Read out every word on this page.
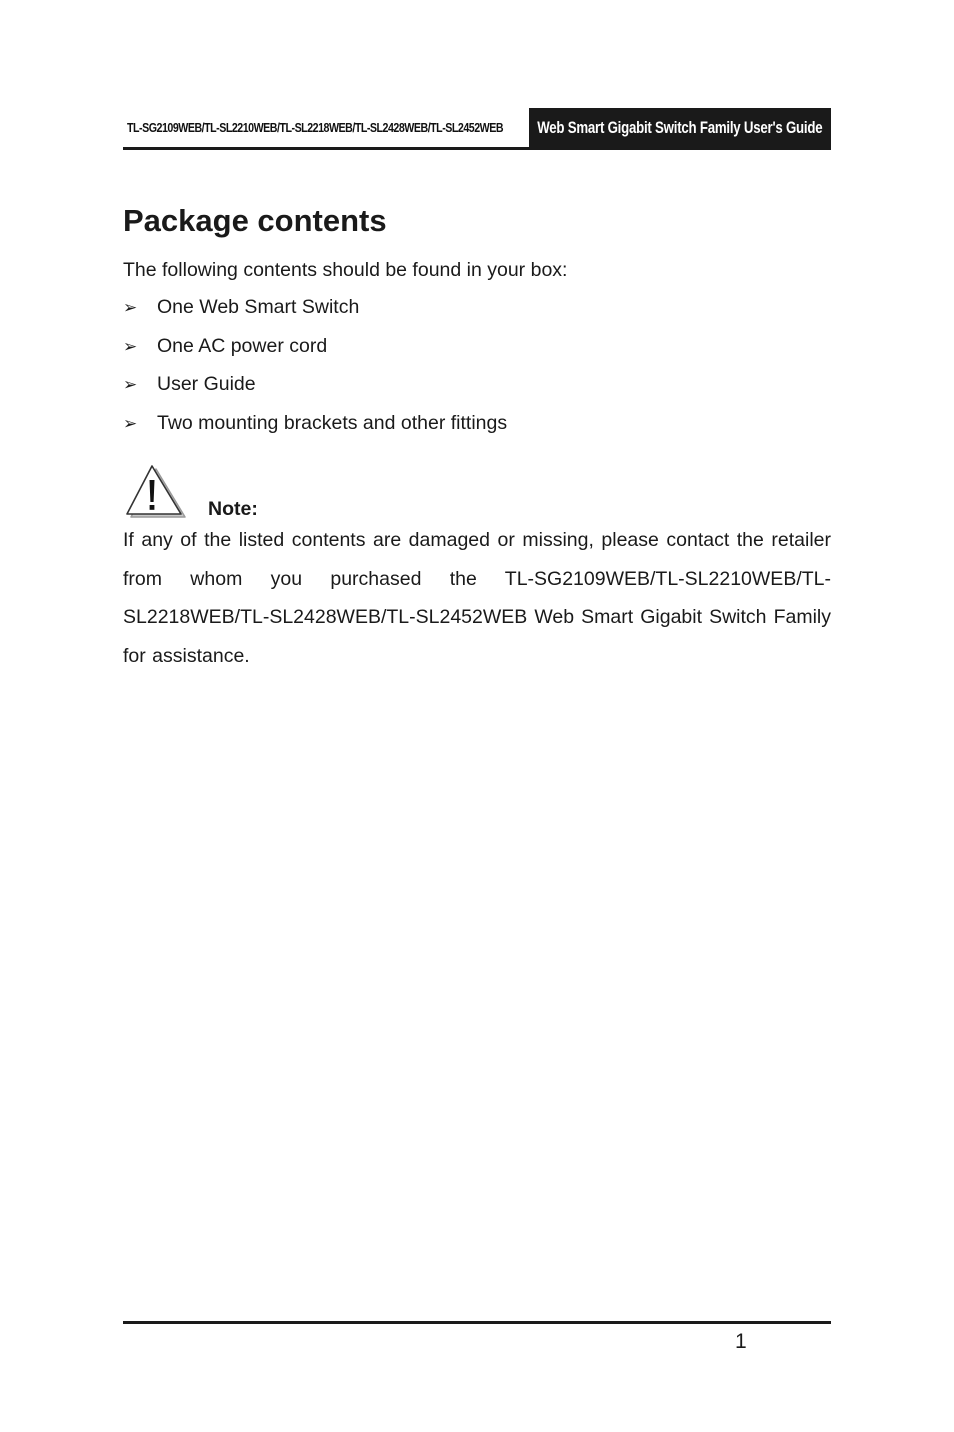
TL-SG2109WEB/TL-SL2210WEB/TL-SL2218WEB/TL-SL2428WEB/TL-SL2452WEB Web Smart Gigabit Switch Family User's Guide
Package contents
The following contents should be found in your box:
➢	One Web Smart Switch
➢	One AC power cord
➢	User Guide
➢	Two mounting brackets and other fittings
Note:

If any of the listed contents are damaged or missing, please contact the retailer from whom you purchased the TL-SG2109WEB/TL-SL2210WEB/TL-SL2218WEB/TL-SL2428WEB/TL-SL2452WEB Web Smart Gigabit Switch Family for assistance.

1
